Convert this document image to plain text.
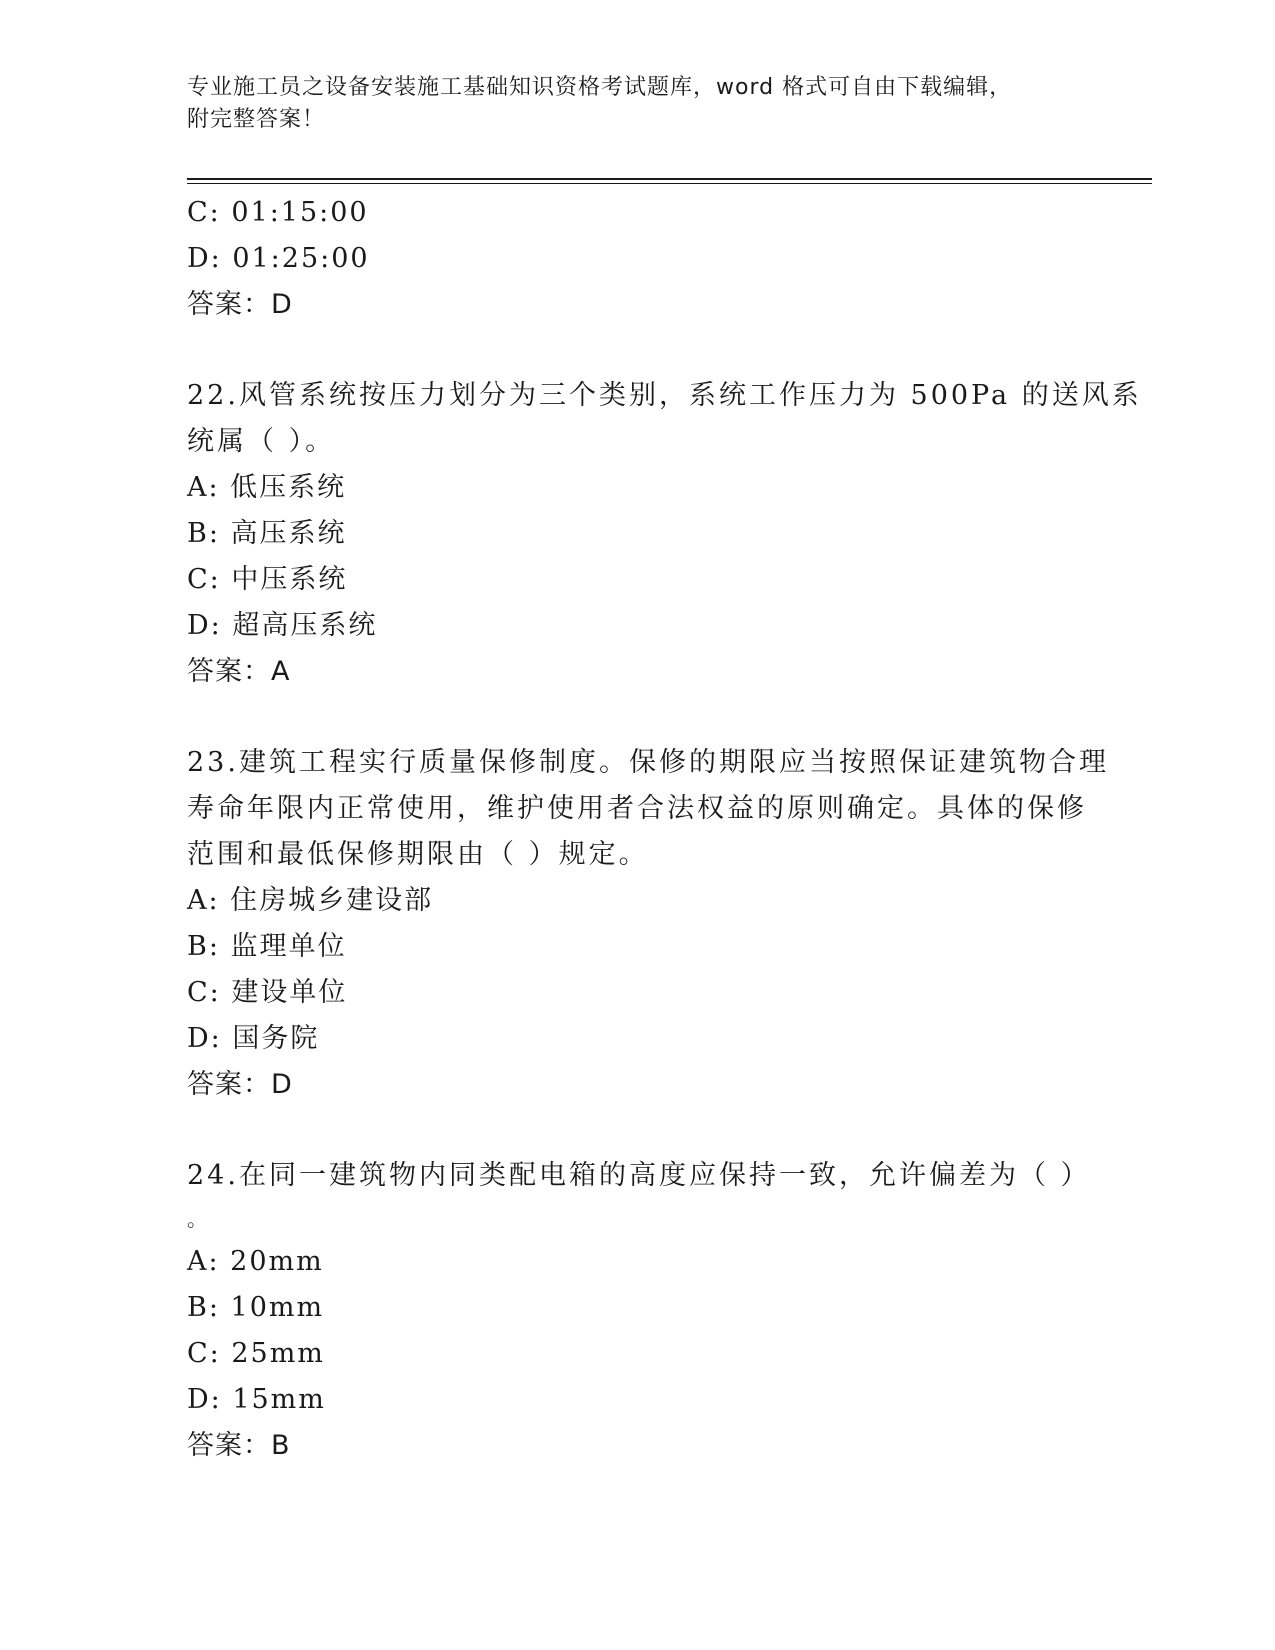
专业施工员之设备安装施工基础知识资格考试题库，word 格式可自由下载编辑，
附完整答案！
C: 01:15:00
D: 01:25:00
答案：D
22.风管系统按压力划分为三个类别，系统工作压力为 500Pa 的送风系
统属（ ）。
A: 低压系统
B: 高压系统
C: 中压系统
D: 超高压系统
答案：A
23.建筑工程实行质量保修制度。保修的期限应当按照保证建筑物合理
寿命年限内正常使用，维护使用者合法权益的原则确定。具体的保修
范围和最低保修期限由（ ）规定。
A: 住房城乡建设部
B: 监理单位
C: 建设单位
D: 国务院
答案：D
24.在同一建筑物内同类配电箱的高度应保持一致，允许偏差为（ ）
。
A: 20mm
B: 10mm
C: 25mm
D: 15mm
答案：B
